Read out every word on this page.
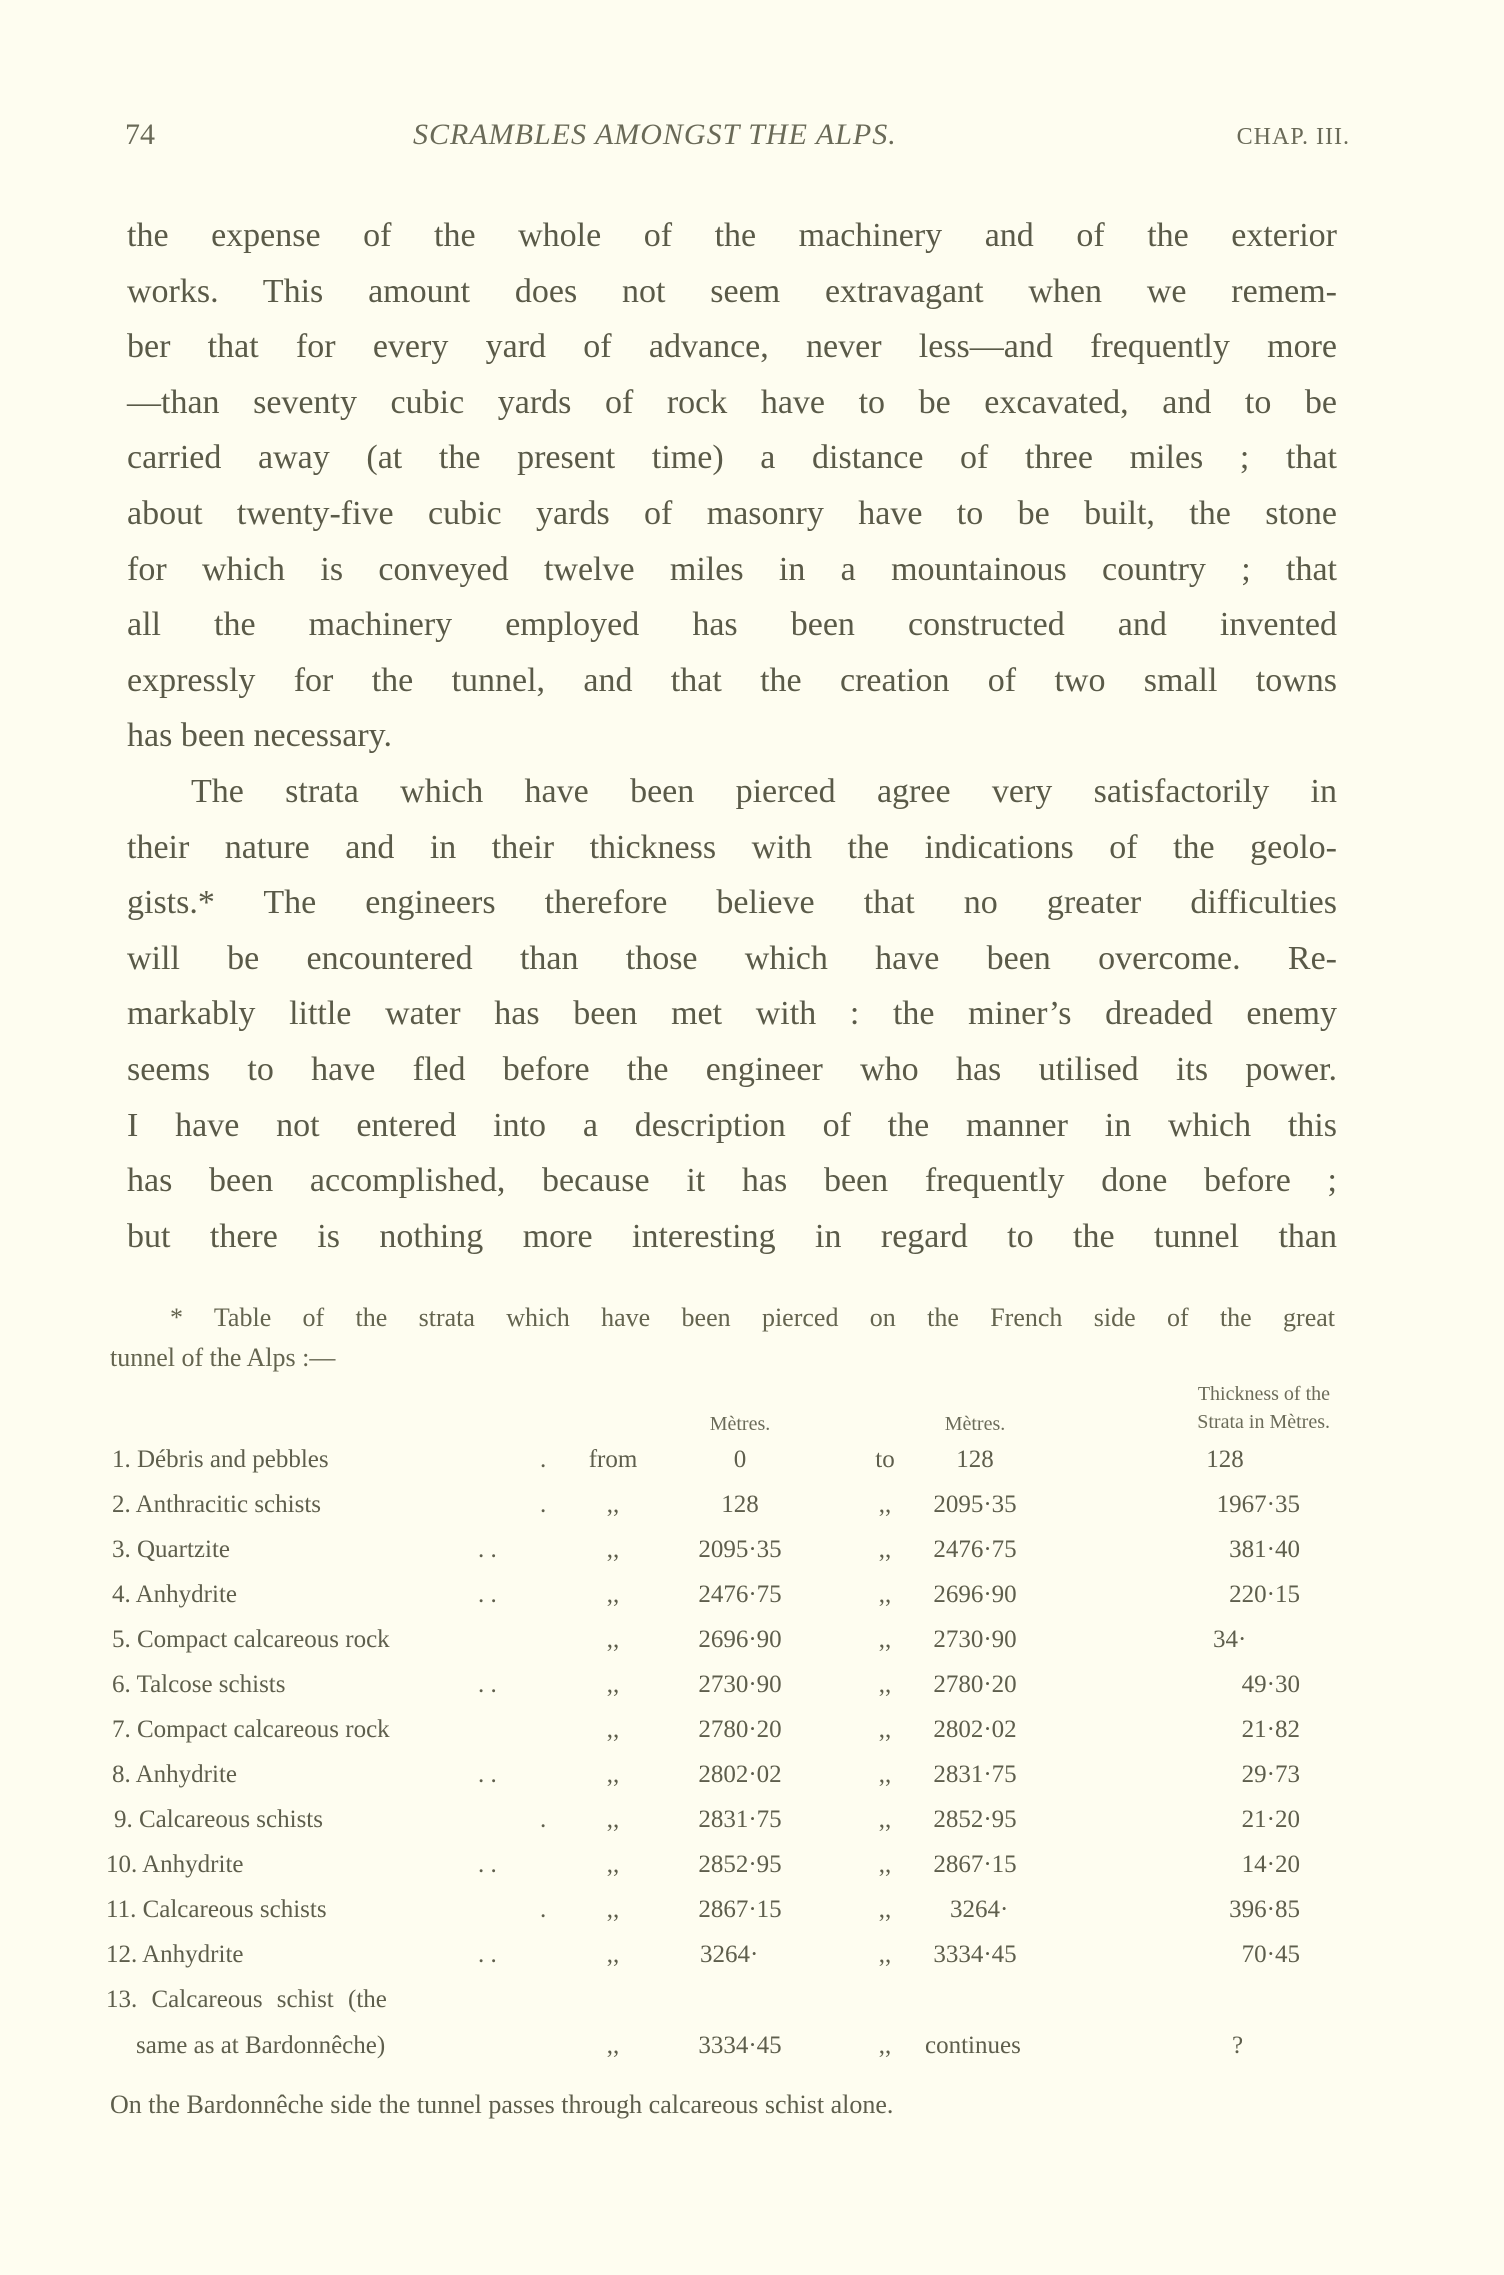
74	SCRAMBLES AMONGST THE ALPS.	CHAP. III.

the expense of the whole of the machinery and of the exterior
works. This amount does not seem extravagant when we remem-
ber that for every yard of advance, never less—and frequently more
—than seventy cubic yards of rock have to be excavated, and to be
carried away (at the present time) a distance of three miles ; that
about twenty-five cubic yards of masonry have to be built, the stone
for which is conveyed twelve miles in a mountainous country ; that
all the machinery employed has been constructed and invented
expressly for the tunnel, and that the creation of two small towns
has been necessary.

The strata which have been pierced agree very satisfactorily in
their nature and in their thickness with the indications of the geolo-
gists.* The engineers therefore believe that no greater difficulties
will be encountered than those which have been overcome. Re-
markably little water has been met with : the miner’s dreaded enemy
seems to have fled before the engineer who has utilised its power.
I have not entered into a description of the manner in which this
has been accomplished, because it has been frequently done before ;
but there is nothing more interesting in regard to the tunnel than

* Table of the strata which have been pierced on the French side of the great
tunnel of the Alps :—
Mètres.	Mètres.
Thickness of the
Strata in Mètres.
1. Débris and pebbles	.	from	0	to	128	128
2. Anthracitic schists	.	,,	128	,,	2095·35	1967·35
3. Quartzite	. .	,,	2095·35	,,	2476·75	381·40
4. Anhydrite	. .	,,	2476·75	,,	2696·90	220·15
5. Compact calcareous rock	,,	2696·90	,,	2730·90	34·
6. Talcose schists	. .	,,	2730·90	,,	2780·20	49·30
7. Compact calcareous rock	,,	2780·20	,,	2802·02	21·82
8. Anhydrite	. .	,,	2802·02	,,	2831·75	29·73
9. Calcareous schists	.	,,	2831·75	,,	2852·95	21·20
10. Anhydrite	. .	,,	2852·95	,,	2867·15	14·20
11. Calcareous schists	.	,,	2867·15	,,	3264·	396·85
12. Anhydrite	. .	,,	3264·	,,	3334·45	70·45
13. Calcareous schist (the
same as at Bardonnêche)	,,	3334·45	,,	continues	?
On the Bardonnêche side the tunnel passes through calcareous schist alone.
